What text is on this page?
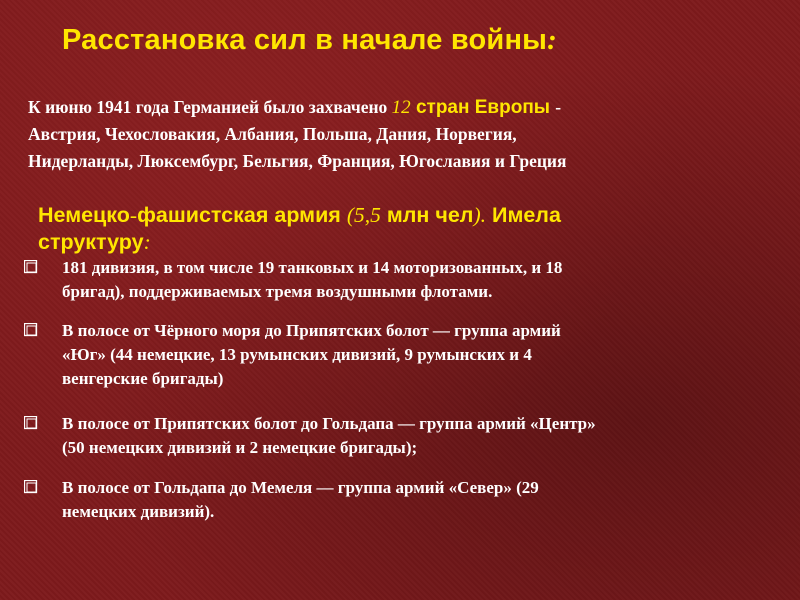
Расстановка сил в начале войны:
К июню 1941 года Германией было захвачено 12 стран Европы -
Австрия, Чехословакия, Албания, Польша, Дания, Норвегия,
Нидерланды, Люксембург, Бельгия, Франция, Югославия и Греция
Немецко-фашистская армия (5,5 млн чел). Имела
структуру:
181 дивизия, в том числе 19 танковых и 14 моторизованных, и 18
бригад), поддерживаемых тремя воздушными флотами.
В полосе от Чёрного моря до Припятских болот — группа армий
«Юг» (44 немецкие, 13 румынских дивизий, 9 румынских и 4
венгерские бригады)
В полосе от Припятских болот до Гольдапа — группа армий «Центр»
(50 немецких дивизий и 2 немецкие бригады);
В полосе от Гольдапа до Мемеля — группа армий «Север» (29
немецких дивизий).
